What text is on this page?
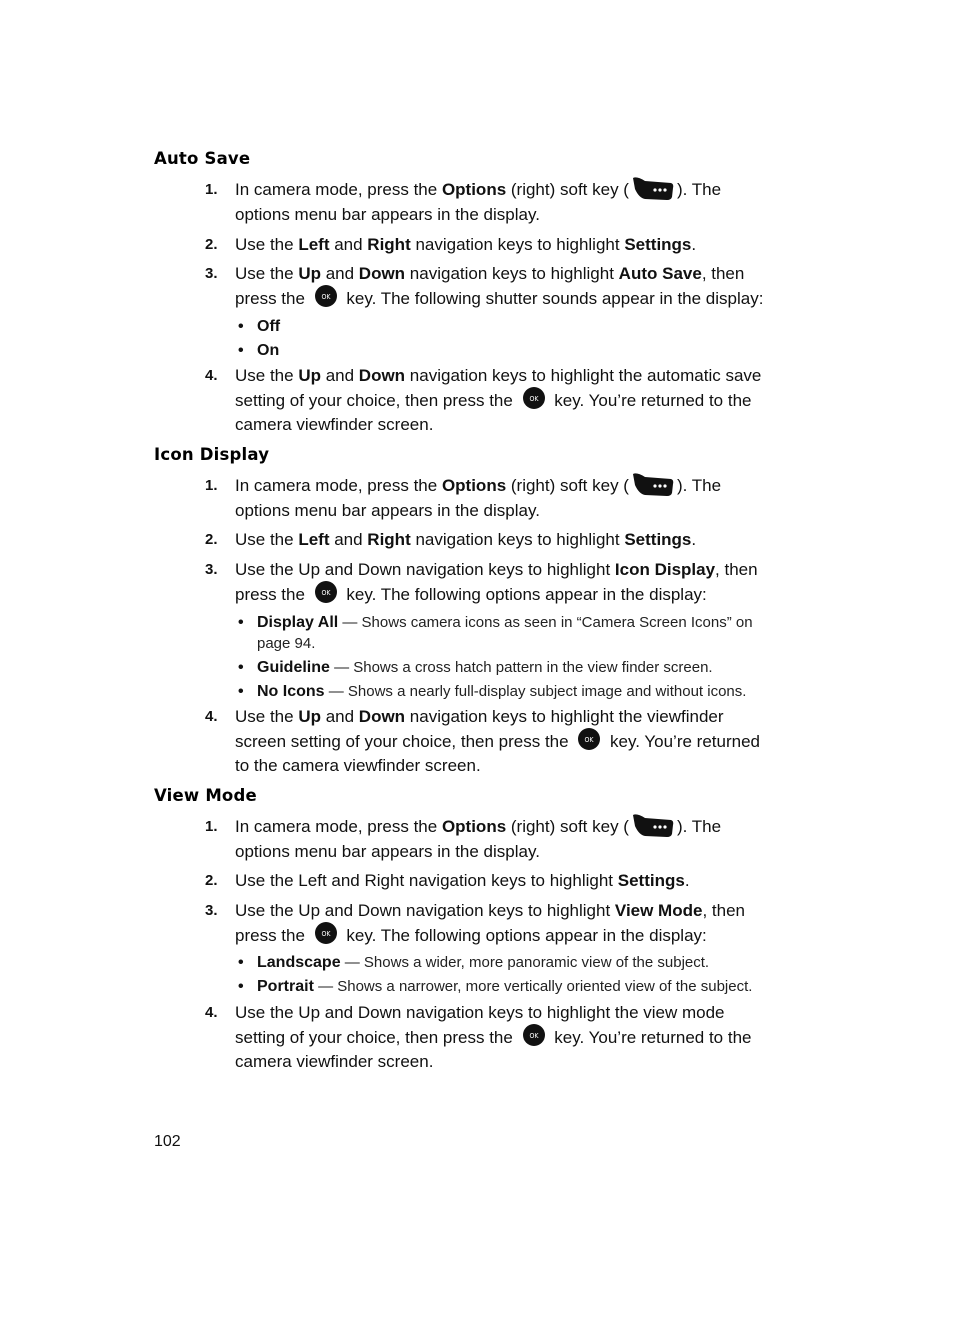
Auto Save
1.	In camera mode, press the Options (right) soft key (	). The options menu bar appears in the display.
2.	Use the Left and Right navigation keys to highlight Settings.
3.	Use the Up and Down navigation keys to highlight Auto Save, then press the OK key. The following shutter sounds appear in the display:
• Off
• On
4.	Use the Up and Down navigation keys to highlight the automatic save setting of your choice, then press the OK key. You’re returned to the camera viewfinder screen.
Icon Display
1.	In camera mode, press the Options (right) soft key (	). The options menu bar appears in the display.
2.	Use the Left and Right navigation keys to highlight Settings.
3.	Use the Up and Down navigation keys to highlight Icon Display, then press the OK key. The following options appear in the display:
• Display All — Shows camera icons as seen in “Camera Screen Icons” on page 94.
• Guideline — Shows a cross hatch pattern in the view finder screen.
• No Icons — Shows a nearly full-display subject image and without icons.
4.	Use the Up and Down navigation keys to highlight the viewfinder screen setting of your choice, then press the OK key. You’re returned to the camera viewfinder screen.
View Mode
1.	In camera mode, press the Options (right) soft key (	). The options menu bar appears in the display.
2.	Use the Left and Right navigation keys to highlight Settings.
3.	Use the Up and Down navigation keys to highlight View Mode, then press the OK key. The following options appear in the display:
• Landscape — Shows a wider, more panoramic view of the subject.
• Portrait — Shows a narrower, more vertically oriented view of the subject.
4.	Use the Up and Down navigation keys to highlight the view mode setting of your choice, then press the OK key. You’re returned to the camera viewfinder screen.
102
